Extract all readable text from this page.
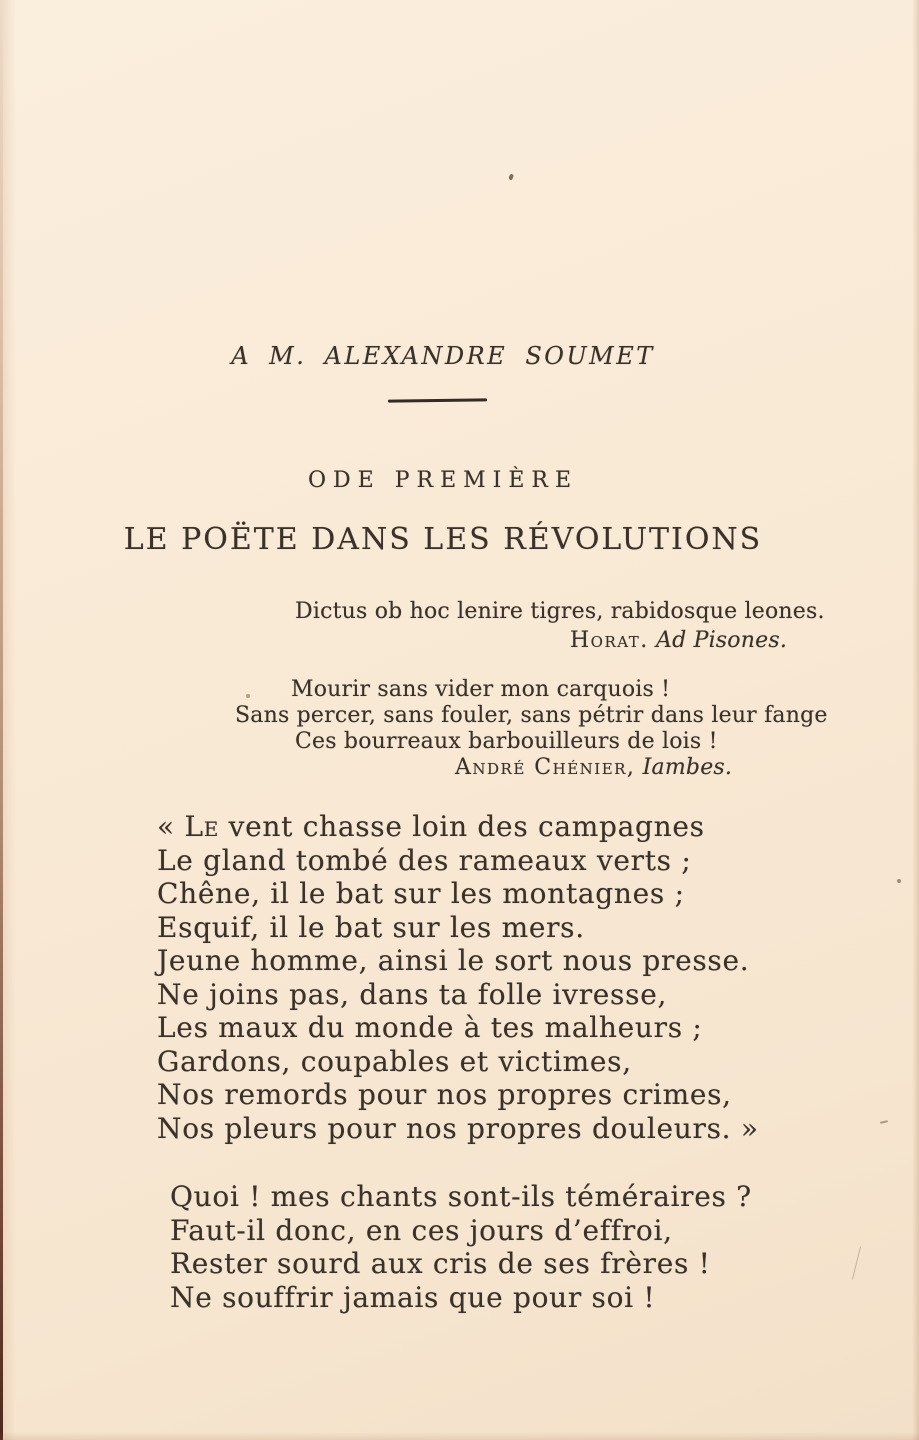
A M. ALEXANDRE SOUMET
ODE PREMIÈRE
LE POËTE DANS LES RÉVOLUTIONS
Dictus ob hoc lenire tigres, rabidosque leones.
Horat. Ad Pisones.
Mourir sans vider mon carquois !
Sans percer, sans fouler, sans pétrir dans leur fange
Ces bourreaux barbouilleurs de lois !
André Chénier, Iambes.
« Le vent chasse loin des campagnes
Le gland tombé des rameaux verts ;
Chêne, il le bat sur les montagnes ;
Esquif, il le bat sur les mers.
Jeune homme, ainsi le sort nous presse.
Ne joins pas, dans ta folle ivresse,
Les maux du monde à tes malheurs ;
Gardons, coupables et victimes,
Nos remords pour nos propres crimes,
Nos pleurs pour nos propres douleurs. »
Quoi ! mes chants sont-ils téméraires ?
Faut-il donc, en ces jours d’effroi,
Rester sourd aux cris de ses frères !
Ne souffrir jamais que pour soi !
